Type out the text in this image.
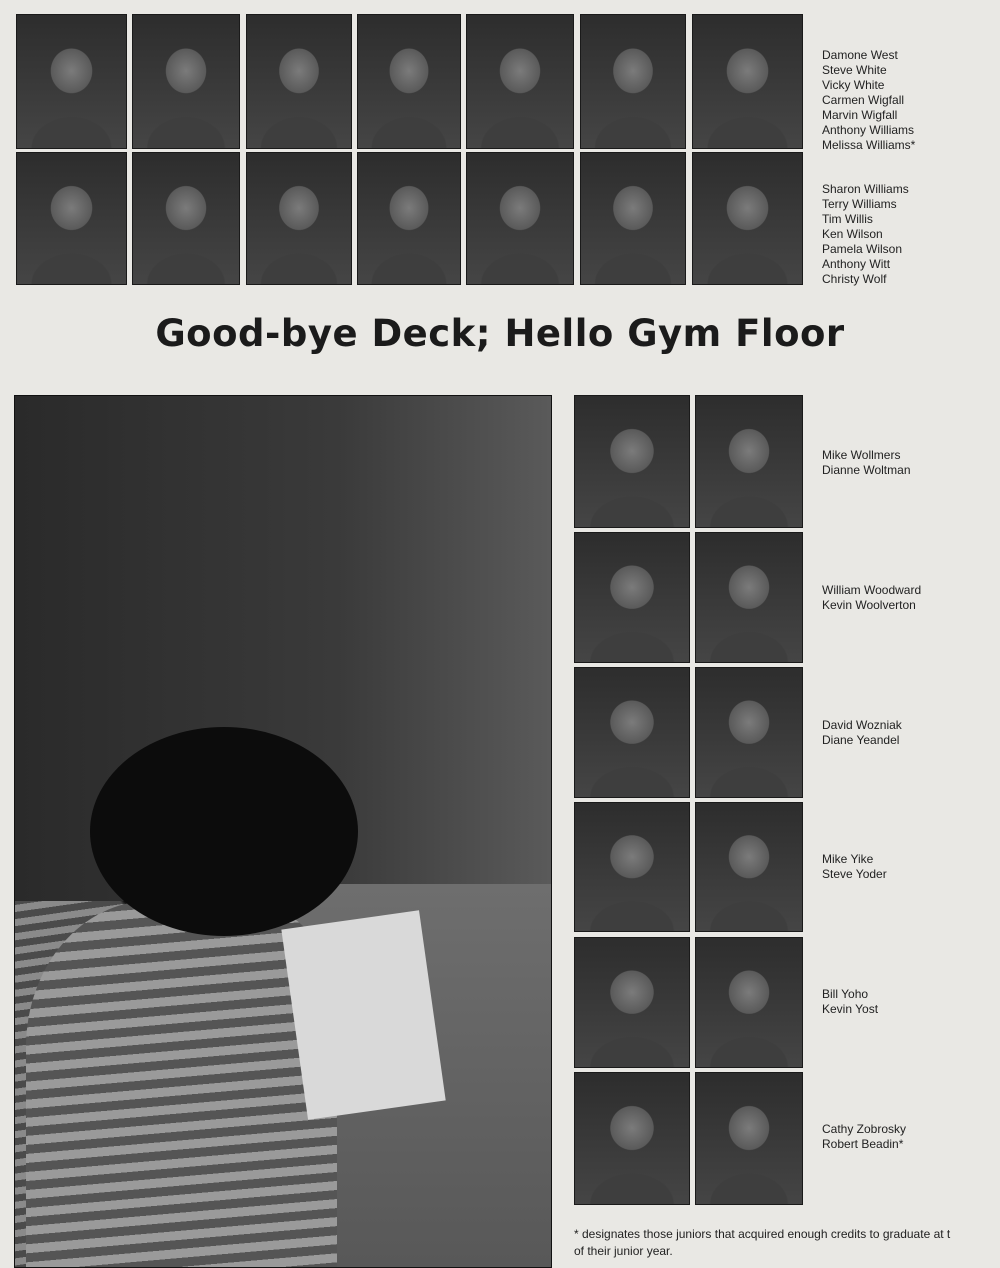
Damone West
Steve White
Vicky White
Carmen Wigfall
Marvin Wigfall
Anthony Williams
Melissa Williams*
Sharon Williams
Terry Williams
Tim Willis
Ken Wilson
Pamela Wilson
Anthony Witt
Christy Wolf
Good-bye Deck; Hello Gym Floor
Mike Wollmers
Dianne Woltman
William Woodward
Kevin Woolverton
David Wozniak
Diane Yeandel
Mike Yike
Steve Yoder
Bill Yoho
Kevin Yost
Cathy Zobrosky
Robert Beadin*
* designates those juniors that acquired enough credits to graduate at t
of their junior year.
